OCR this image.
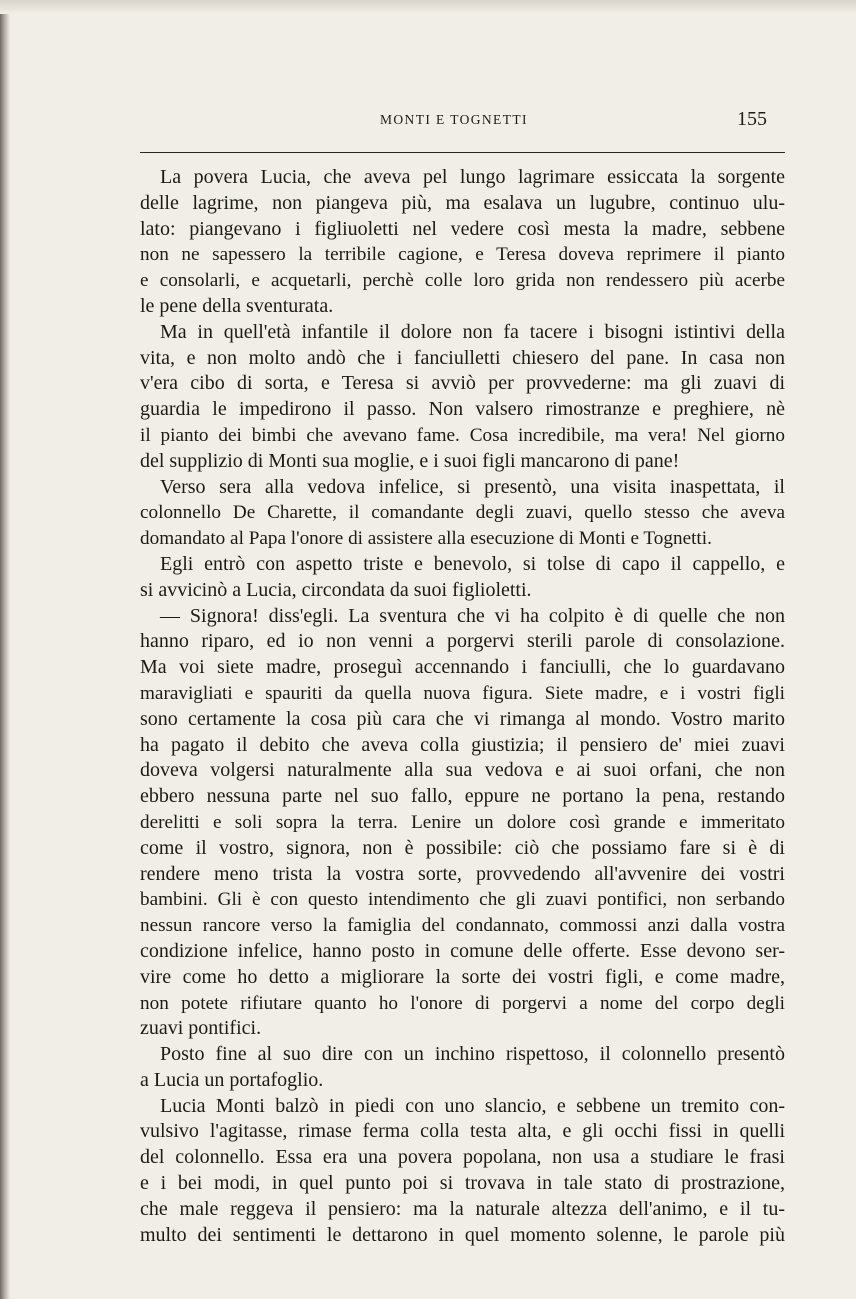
MONTI E TOGNETTI	155

La povera Lucia, che aveva pel lungo lagrimare essiccata la sorgente
delle lagrime, non piangeva più, ma esalava un lugubre, continuo ulu-
lato: piangevano i figliuoletti nel vedere così mesta la madre, sebbene
non ne sapessero la terribile cagione, e Teresa doveva reprimere il pianto
e consolarli, e acquetarli, perchè colle loro grida non rendessero più acerbe
le pene della sventurata.

Ma in quell'età infantile il dolore non fa tacere i bisogni istintivi della
vita, e non molto andò che i fanciulletti chiesero del pane. In casa non
v'era cibo di sorta, e Teresa si avviò per provvederne: ma gli zuavi di
guardia le impedirono il passo. Non valsero rimostranze e preghiere, nè
il pianto dei bimbi che avevano fame. Cosa incredibile, ma vera! Nel giorno
del supplizio di Monti sua moglie, e i suoi figli mancarono di pane!

Verso sera alla vedova infelice, si presentò, una visita inaspettata, il
colonnello De Charette, il comandante degli zuavi, quello stesso che aveva
domandato al Papa l'onore di assistere alla esecuzione di Monti e Tognetti.

Egli entrò con aspetto triste e benevolo, si tolse di capo il cappello, e
si avvicinò a Lucia, circondata da suoi figlioletti.

— Signora! diss'egli. La sventura che vi ha colpito è di quelle che non
hanno riparo, ed io non venni a porgervi sterili parole di consolazione.
Ma voi siete madre, proseguì accennando i fanciulli, che lo guardavano
maravigliati e spauriti da quella nuova figura. Siete madre, e i vostri figli
sono certamente la cosa più cara che vi rimanga al mondo. Vostro marito
ha pagato il debito che aveva colla giustizia; il pensiero de' miei zuavi
doveva volgersi naturalmente alla sua vedova e ai suoi orfani, che non
ebbero nessuna parte nel suo fallo, eppure ne portano la pena, restando
derelitti e soli sopra la terra. Lenire un dolore così grande e immeritato
come il vostro, signora, non è possibile: ciò che possiamo fare si è di
rendere meno trista la vostra sorte, provvedendo all'avvenire dei vostri
bambini. Gli è con questo intendimento che gli zuavi pontifici, non serbando
nessun rancore verso la famiglia del condannato, commossi anzi dalla vostra
condizione infelice, hanno posto in comune delle offerte. Esse devono ser-
vire come ho detto a migliorare la sorte dei vostri figli, e come madre,
non potete rifiutare quanto ho l'onore di porgervi a nome del corpo degli
zuavi pontifici.

Posto fine al suo dire con un inchino rispettoso, il colonnello presentò
a Lucia un portafoglio.

Lucia Monti balzò in piedi con uno slancio, e sebbene un tremito con-
vulsivo l'agitasse, rimase ferma colla testa alta, e gli occhi fissi in quelli
del colonnello. Essa era una povera popolana, non usa a studiare le frasi
e i bei modi, in quel punto poi si trovava in tale stato di prostrazione,
che male reggeva il pensiero: ma la naturale altezza dell'animo, e il tu-
multo dei sentimenti le dettarono in quel momento solenne, le parole più
